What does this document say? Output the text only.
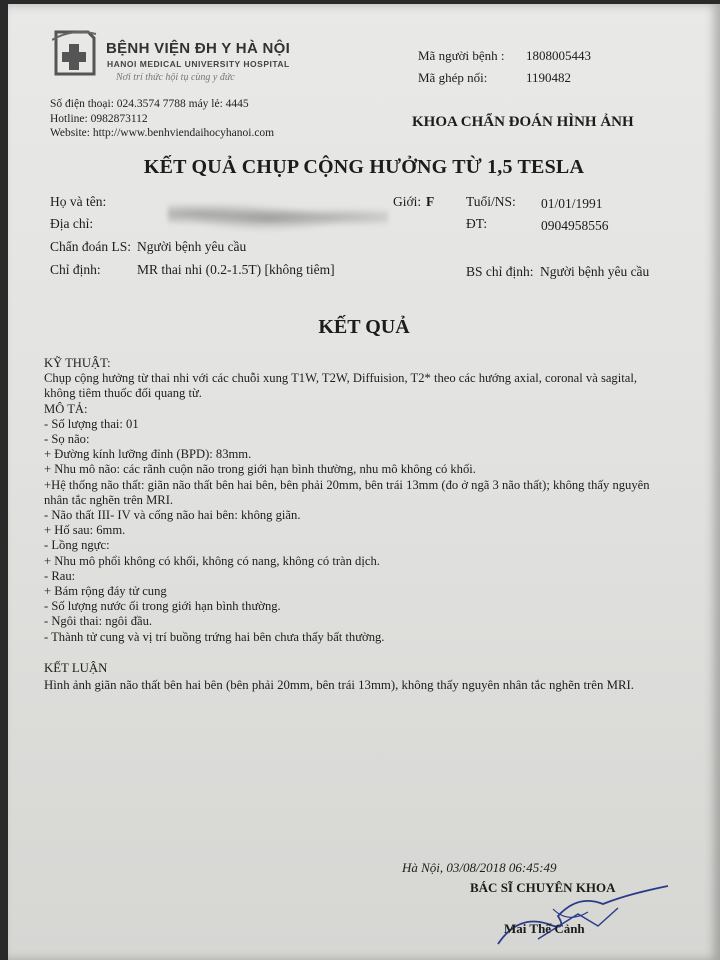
BỆNH VIỆN ĐH Y HÀ NỘI
HANOI MEDICAL UNIVERSITY HOSPITAL
Nơi trí thức hội tụ cùng y đức
Số điện thoại: 024.3574 7788 máy lẻ: 4445
Hotline: 0982873112
Website: http://www.benhviendaihocyhanoi.com
Mã người bệnh : 1808005443
Mã ghép nối:	1190482
KHOA CHẨN ĐOÁN HÌNH ẢNH
KẾT QUẢ CHỤP CỘNG HƯỞNG TỪ 1,5 TESLA
Họ và tên:	Giới: F Tuổi/NS: 01/01/1991
Địa chỉ:	ĐT:	0904958556
Chẩn đoán LS: Người bệnh yêu cầu
Chỉ định:	MR thai nhi (0.2-1.5T) [không tiêm]	BS chỉ định: Người bệnh yêu cầu
KẾT QUẢ
KỸ THUẬT:
Chụp cộng hưởng từ thai nhi với các chuỗi xung T1W, T2W, Diffuision, T2* theo các hướng axial, coronal và sagital,
không tiêm thuốc đối quang từ.
MÔ TẢ:
- Số lượng thai: 01
- Sọ não:
+ Đường kính lưỡng đỉnh (BPD): 83mm.
+ Nhu mô não: các rãnh cuộn não trong giới hạn bình thường, nhu mô không có khối.
+Hệ thống não thất: giãn não thất bên hai bên, bên phải 20mm, bên trái 13mm (đo ở ngã 3 não thất); không thấy nguyên
nhân tắc nghẽn trên MRI.
- Não thất III- IV và cống não hai bên: không giãn.
+ Hố sau: 6mm.
- Lồng ngực:
+ Nhu mô phổi không có khối, không có nang, không có tràn dịch.
- Rau:
+ Bám rộng đáy tử cung
- Số lượng nước ối trong giới hạn bình thường.
- Ngôi thai: ngôi đầu.
- Thành tử cung và vị trí buồng trứng hai bên chưa thấy bất thường.
KẾT LUẬN
Hình ảnh giãn não thất bên hai bên (bên phải 20mm, bên trái 13mm), không thấy nguyên nhân tắc nghẽn trên MRI.
Hà Nội, 03/08/2018 06:45:49
BÁC SĨ CHUYÊN KHOA
Mai Thế Cảnh
